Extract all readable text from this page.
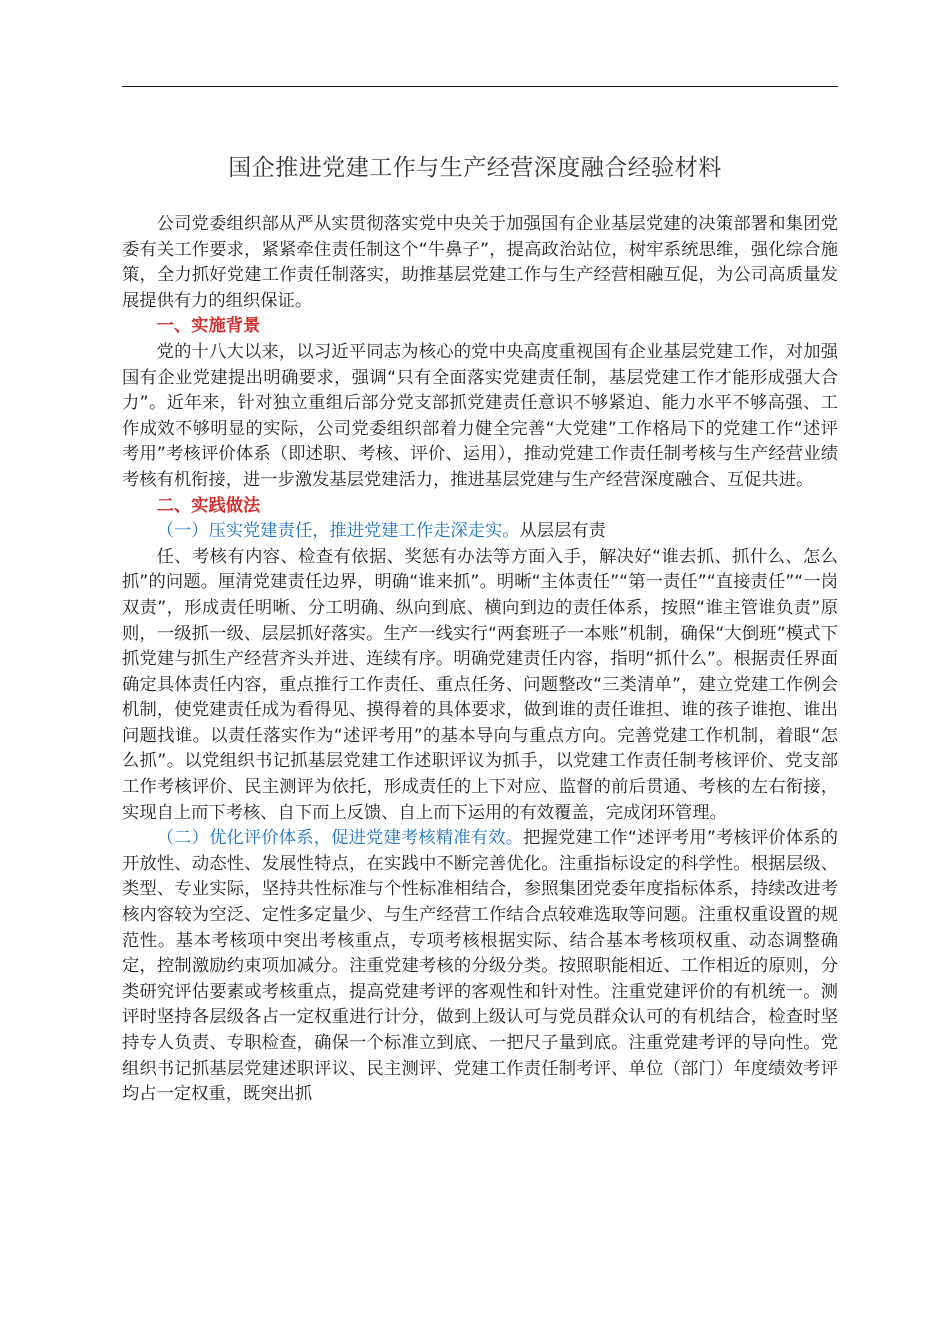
国企推进党建工作与生产经营深度融合经验材料

公司党委组织部从严从实贯彻落实党中央关于加强国有企业基层党建的决策部署和集团党委有关工作要求，紧紧牵住责任制这个“牛鼻子”，提高政治站位，树牢系统思维，强化综合施策，全力抓好党建工作责任制落实，助推基层党建工作与生产经营相融互促，为公司高质量发展提供有力的组织保证。

一、实施背景

党的十八大以来，以习近平同志为核心的党中央高度重视国有企业基层党建工作，对加强国有企业党建提出明确要求，强调“只有全面落实党建责任制，基层党建工作才能形成强大合力”。近年来，针对独立重组后部分党支部抓党建责任意识不够紧迫、能力水平不够高强、工作成效不够明显的实际，公司党委组织部着力健全完善“大党建”工作格局下的党建工作“述评考用”考核评价体系（即述职、考核、评价、运用），推动党建工作责任制考核与生产经营业绩考核有机衔接，进一步激发基层党建活力，推进基层党建与生产经营深度融合、互促共进。

二、实践做法

（一）压实党建责任，推进党建工作走深走实。从层层有责

任、考核有内容、检查有依据、奖惩有办法等方面入手，解决好“谁去抓、抓什么、怎么抓”的问题。厘清党建责任边界，明确“谁来抓”。明晰“主体责任”“第一责任”“直接责任”“一岗双责”，形成责任明晰、分工明确、纵向到底、横向到边的责任体系，按照“谁主管谁负责”原则，一级抓一级、层层抓好落实。生产一线实行“两套班子一本账”机制，确保“大倒班”模式下抓党建与抓生产经营齐头并进、连续有序。明确党建责任内容，指明“抓什么”。根据责任界面确定具体责任内容，重点推行工作责任、重点任务、问题整改“三类清单”，建立党建工作例会机制，使党建责任成为看得见、摸得着的具体要求，做到谁的责任谁担、谁的孩子谁抱、谁出问题找谁。以责任落实作为“述评考用”的基本导向与重点方向。完善党建工作机制，着眼“怎么抓”。以党组织书记抓基层党建工作述职评议为抓手，以党建工作责任制考核评价、党支部工作考核评价、民主测评为依托，形成责任的上下对应、监督的前后贯通、考核的左右衔接，实现自上而下考核、自下而上反馈、自上而下运用的有效覆盖，完成闭环管理。

（二）优化评价体系，促进党建考核精准有效。把握党建工作“述评考用”考核评价体系的开放性、动态性、发展性特点，在实践中不断完善优化。注重指标设定的科学性。根据层级、类型、专业实际，坚持共性标准与个性标准相结合，参照集团党委年度指标体系，持续改进考核内容较为空泛、定性多定量少、与生产经营工作结合点较难选取等问题。注重权重设置的规范性。基本考核项中突出考核重点，专项考核根据实际、结合基本考核项权重、动态调整确定，控制激励约束项加减分。注重党建考核的分级分类。按照职能相近、工作相近的原则，分类研究评估要素或考核重点，提高党建考评的客观性和针对性。注重党建评价的有机统一。测评时坚持各层级各占一定权重进行计分，做到上级认可与党员群众认可的有机结合，检查时坚持专人负责、专职检查，确保一个标准立到底、一把尺子量到底。注重党建考评的导向性。党组织书记抓基层党建述职评议、民主测评、党建工作责任制考评、单位（部门）年度绩效考评均占一定权重，既突出抓
